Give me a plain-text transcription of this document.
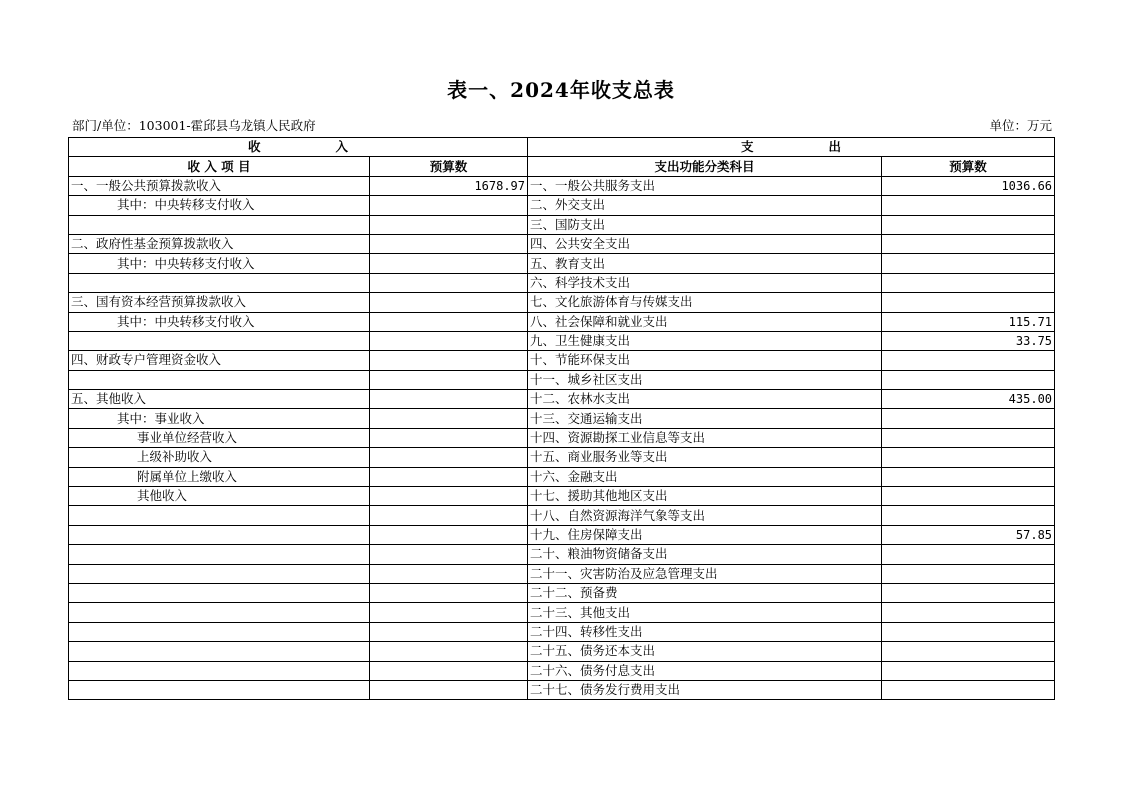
表一、2024年收支总表
部门/单位：103001-霍邱县乌龙镇人民政府	单位：万元
收　　　　　　入		支　　　　　　出	
收 入 项 目	预算数	支出功能分类科目	预算数
一、一般公共预算拨款收入	1678.97	一、一般公共服务支出	1036.66
其中：中央转移支付收入		二、外交支出	
		三、国防支出	
二、政府性基金预算拨款收入		四、公共安全支出	
其中：中央转移支付收入		五、教育支出	
		六、科学技术支出	
三、国有资本经营预算拨款收入		七、文化旅游体育与传媒支出	
其中：中央转移支付收入		八、社会保障和就业支出	115.71
		九、卫生健康支出	33.75
四、财政专户管理资金收入		十、节能环保支出	
		十一、城乡社区支出	
五、其他收入		十二、农林水支出	435.00
其中：事业收入		十三、交通运输支出	
事业单位经营收入		十四、资源勘探工业信息等支出	
上级补助收入		十五、商业服务业等支出	
附属单位上缴收入		十六、金融支出	
其他收入		十七、援助其他地区支出	
		十八、自然资源海洋气象等支出	
		十九、住房保障支出	57.85
		二十、粮油物资储备支出	
		二十一、灾害防治及应急管理支出	
		二十二、预备费	
		二十三、其他支出	
		二十四、转移性支出	
		二十五、债务还本支出	
		二十六、债务付息支出	
		二十七、债务发行费用支出	
